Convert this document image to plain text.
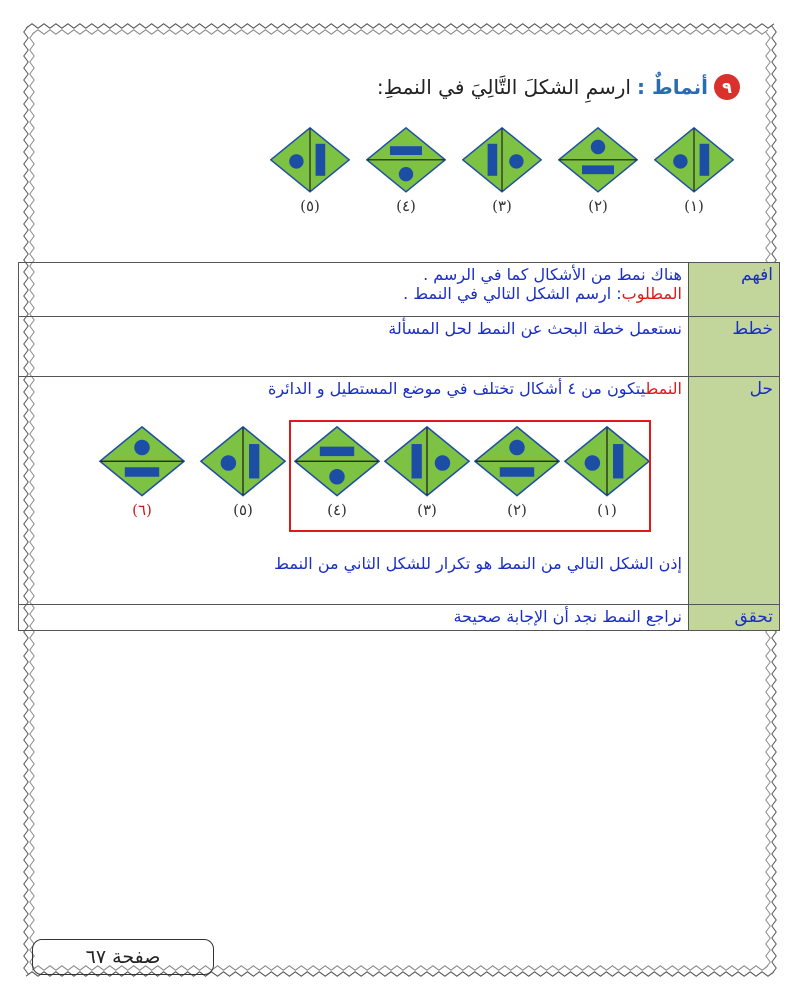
٩
أنماطٌ :
ارسمِ الشكلَ التَّالِيَ في النمطِ:
(١)
(٢)
(٣)
(٤)
(٥)
افهم	هناك نمط من الأشكال كما في الرسم .
المطلوب: ارسم الشكل التالي في النمط .

خطط	نستعمل خطة البحث عن النمط لحل المسألة
حل	النمطيتكون من ٤ أشكال تختلف في موضع المستطيل و الدائرة
إذن الشكل التالي من النمط هو تكرار للشكل الثاني من النمط

تحقق	نراجع النمط نجد أن الإجابة صحيحة
(١)
(٢)
(٣)
(٤)
(٥)
(٦)
صفحة ٦٧
